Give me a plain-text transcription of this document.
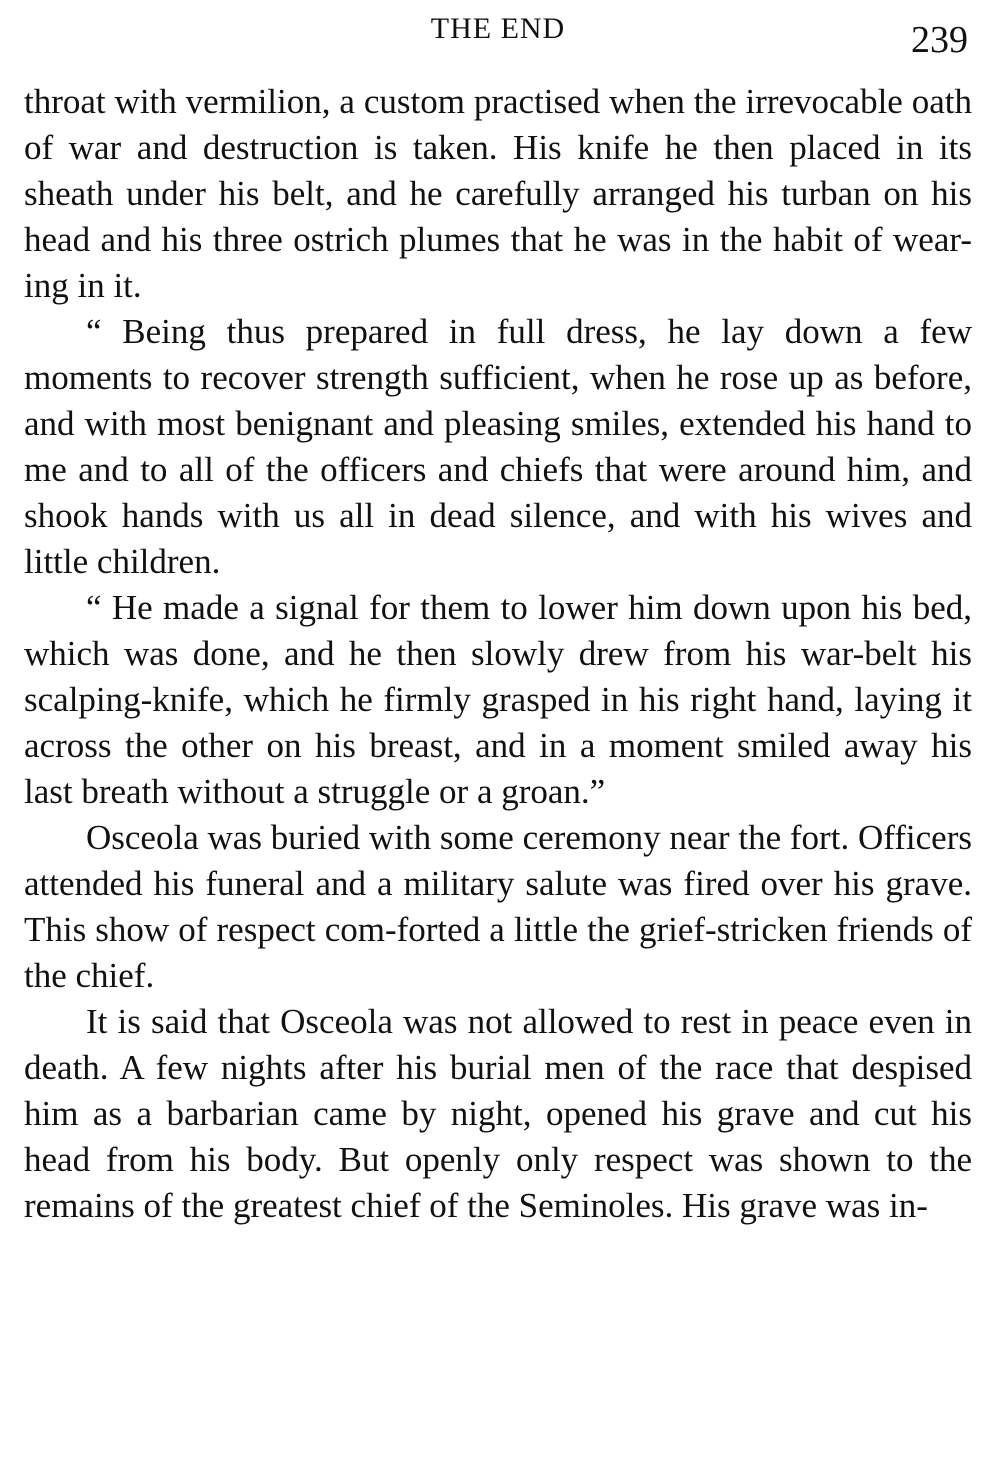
THE END	239

throat with vermilion, a custom practised when the irrevocable oath of war and destruction is taken. His knife he then placed in its sheath under his belt, and he carefully arranged his turban on his head and his three ostrich plumes that he was in the habit of wear-ing in it.

“ Being thus prepared in full dress, he lay down a few moments to recover strength sufficient, when he rose up as before, and with most benignant and pleasing smiles, extended his hand to me and to all of the officers and chiefs that were around him, and shook hands with us all in dead silence, and with his wives and little children.

“ He made a signal for them to lower him down upon his bed, which was done, and he then slowly drew from his war-belt his scalping-knife, which he firmly grasped in his right hand, laying it across the other on his breast, and in a moment smiled away his last breath without a struggle or a groan.”

Osceola was buried with some ceremony near the fort. Officers attended his funeral and a military salute was fired over his grave. This show of respect com-forted a little the grief-stricken friends of the chief.

It is said that Osceola was not allowed to rest in peace even in death. A few nights after his burial men of the race that despised him as a barbarian came by night, opened his grave and cut his head from his body. But openly only respect was shown to the remains of the greatest chief of the Seminoles. His grave was in-
